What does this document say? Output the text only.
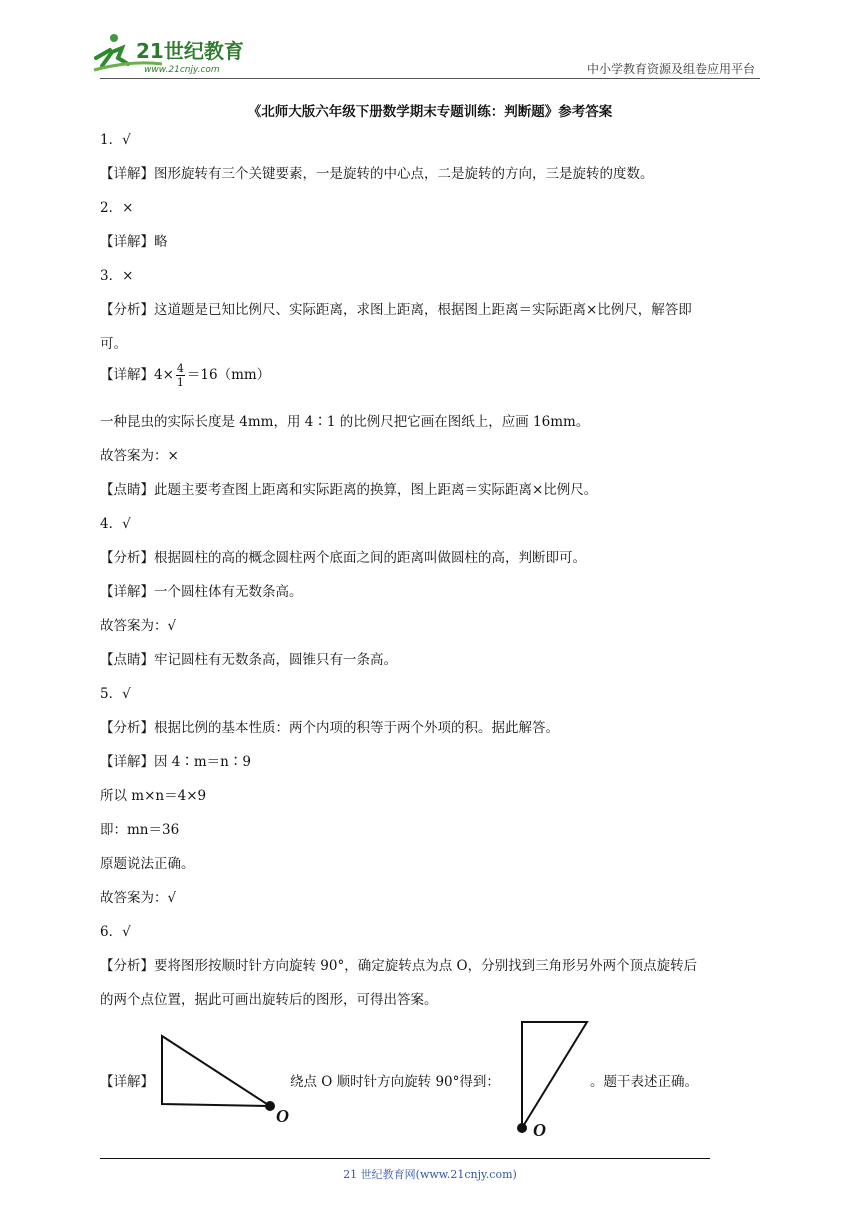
21世纪教育
www.21cnjy.com	中小学教育资源及组卷应用平台
《北师大版六年级下册数学期末专题训练：判断题》参考答案
1．√
【详解】图形旋转有三个关键要素，一是旋转的中心点，二是旋转的方向，三是旋转的度数。
2．×
【详解】略
3．×
【分析】这道题是已知比例尺、实际距离，求图上距离，根据图上距离＝实际距离×比例尺，解答即
可。
【详解】$4\times \frac{4}{1} =16(mm)$
一种昆虫的实际长度是 4mm，用 4∶1 的比例尺把它画在图纸上，应画 16mm。
故答案为：×
【点睛】此题主要考查图上距离和实际距离的换算，图上距离＝实际距离×比例尺。
4．√
【分析】根据圆柱的高的概念圆柱两个底面之间的距离叫做圆柱的高，判断即可。
【详解】一个圆柱体有无数条高。
故答案为：√
【点睛】牢记圆柱有无数条高，圆锥只有一条高。
5．√
【分析】根据比例的基本性质：两个内项的积等于两个外项的积。据此解答。
【详解】因 4∶m＝n∶9
所以 m×n＝4×9
即：mn＝36
原题说法正确。
故答案为：√
6．√
【分析】要将图形按顺时针方向旋转 90°，确定旋转点为点 O，分别找到三角形另外两个顶点旋转后
的两个点位置，据此可画出旋转后的图形，可得出答案。
【详解】
O
绕点 O 顺时针方向旋转 90°得到：
O
。题干表述正确。
21 世纪教育网(www.21cnjy.com)
